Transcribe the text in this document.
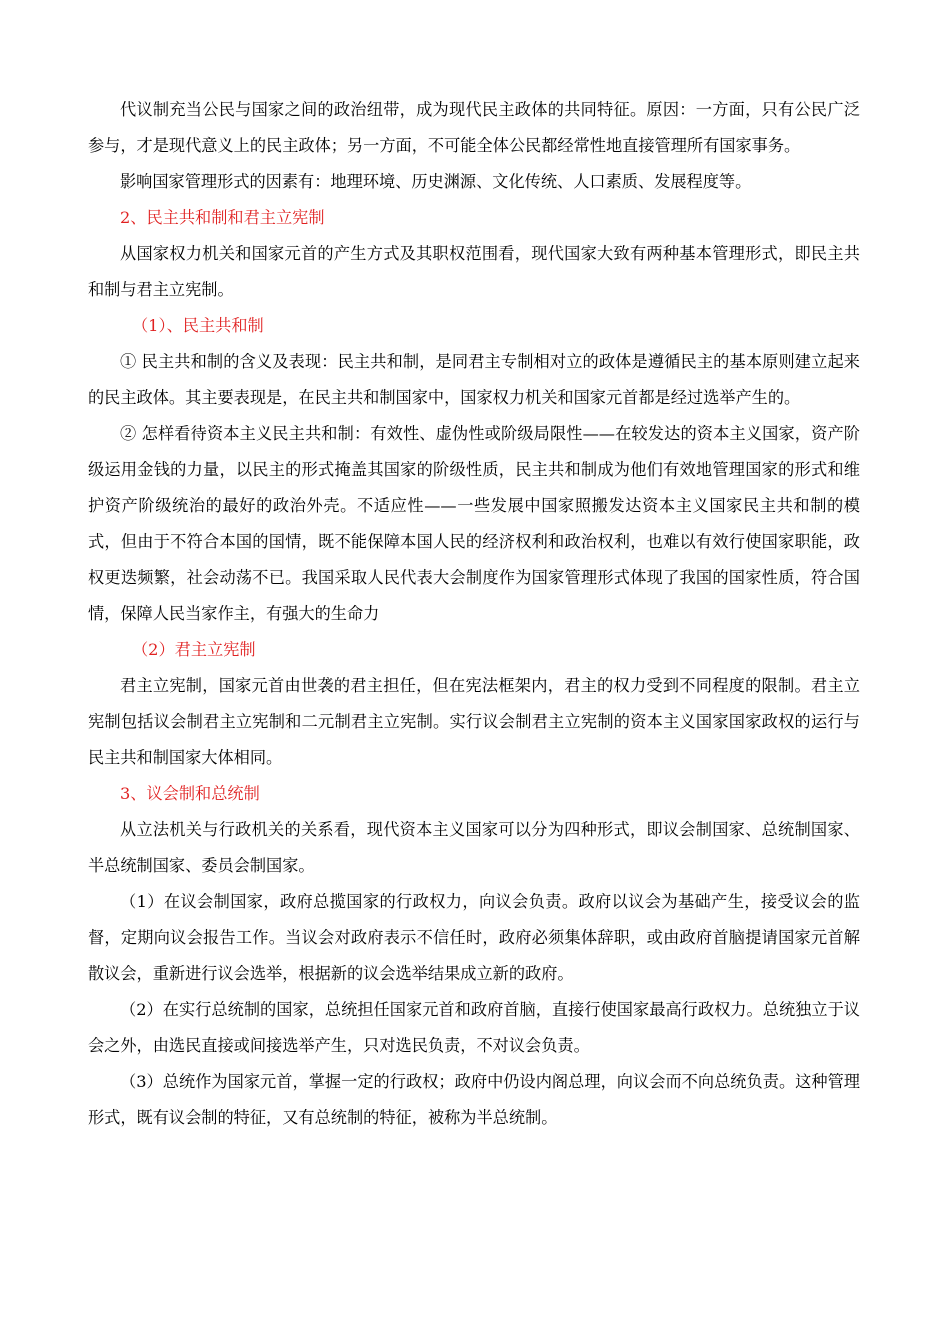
代议制充当公民与国家之间的政治纽带，成为现代民主政体的共同特征。原因：一方面，只有公民广泛参与，才是现代意义上的民主政体；另一方面，不可能全体公民都经常性地直接管理所有国家事务。

影响国家管理形式的因素有：地理环境、历史渊源、文化传统、人口素质、发展程度等。

2、民主共和制和君主立宪制

从国家权力机关和国家元首的产生方式及其职权范围看，现代国家大致有两种基本管理形式，即民主共和制与君主立宪制。

（1）、民主共和制

① 民主共和制的含义及表现：民主共和制，是同君主专制相对立的政体是遵循民主的基本原则建立起来的民主政体。其主要表现是，在民主共和制国家中，国家权力机关和国家元首都是经过选举产生的。

② 怎样看待资本主义民主共和制：有效性、虚伪性或阶级局限性——在较发达的资本主义国家，资产阶级运用金钱的力量，以民主的形式掩盖其国家的阶级性质，民主共和制成为他们有效地管理国家的形式和维护资产阶级统治的最好的政治外壳。不适应性——一些发展中国家照搬发达资本主义国家民主共和制的模式，但由于不符合本国的国情，既不能保障本国人民的经济权利和政治权利，也难以有效行使国家职能，政权更迭频繁，社会动荡不已。我国采取人民代表大会制度作为国家管理形式体现了我国的国家性质，符合国情，保障人民当家作主，有强大的生命力

（2）君主立宪制

君主立宪制，国家元首由世袭的君主担任，但在宪法框架内，君主的权力受到不同程度的限制。君主立宪制包括议会制君主立宪制和二元制君主立宪制。实行议会制君主立宪制的资本主义国家国家政权的运行与民主共和制国家大体相同。

3、议会制和总统制

从立法机关与行政机关的关系看，现代资本主义国家可以分为四种形式，即议会制国家、总统制国家、半总统制国家、委员会制国家。

（1）在议会制国家，政府总揽国家的行政权力，向议会负责。政府以议会为基础产生，接受议会的监督，定期向议会报告工作。当议会对政府表示不信任时，政府必须集体辞职，或由政府首脑提请国家元首解散议会，重新进行议会选举，根据新的议会选举结果成立新的政府。

（2）在实行总统制的国家，总统担任国家元首和政府首脑，直接行使国家最高行政权力。总统独立于议会之外，由选民直接或间接选举产生，只对选民负责，不对议会负责。

（3）总统作为国家元首，掌握一定的行政权；政府中仍设内阁总理，向议会而不向总统负责。这种管理形式，既有议会制的特征，又有总统制的特征，被称为半总统制。
